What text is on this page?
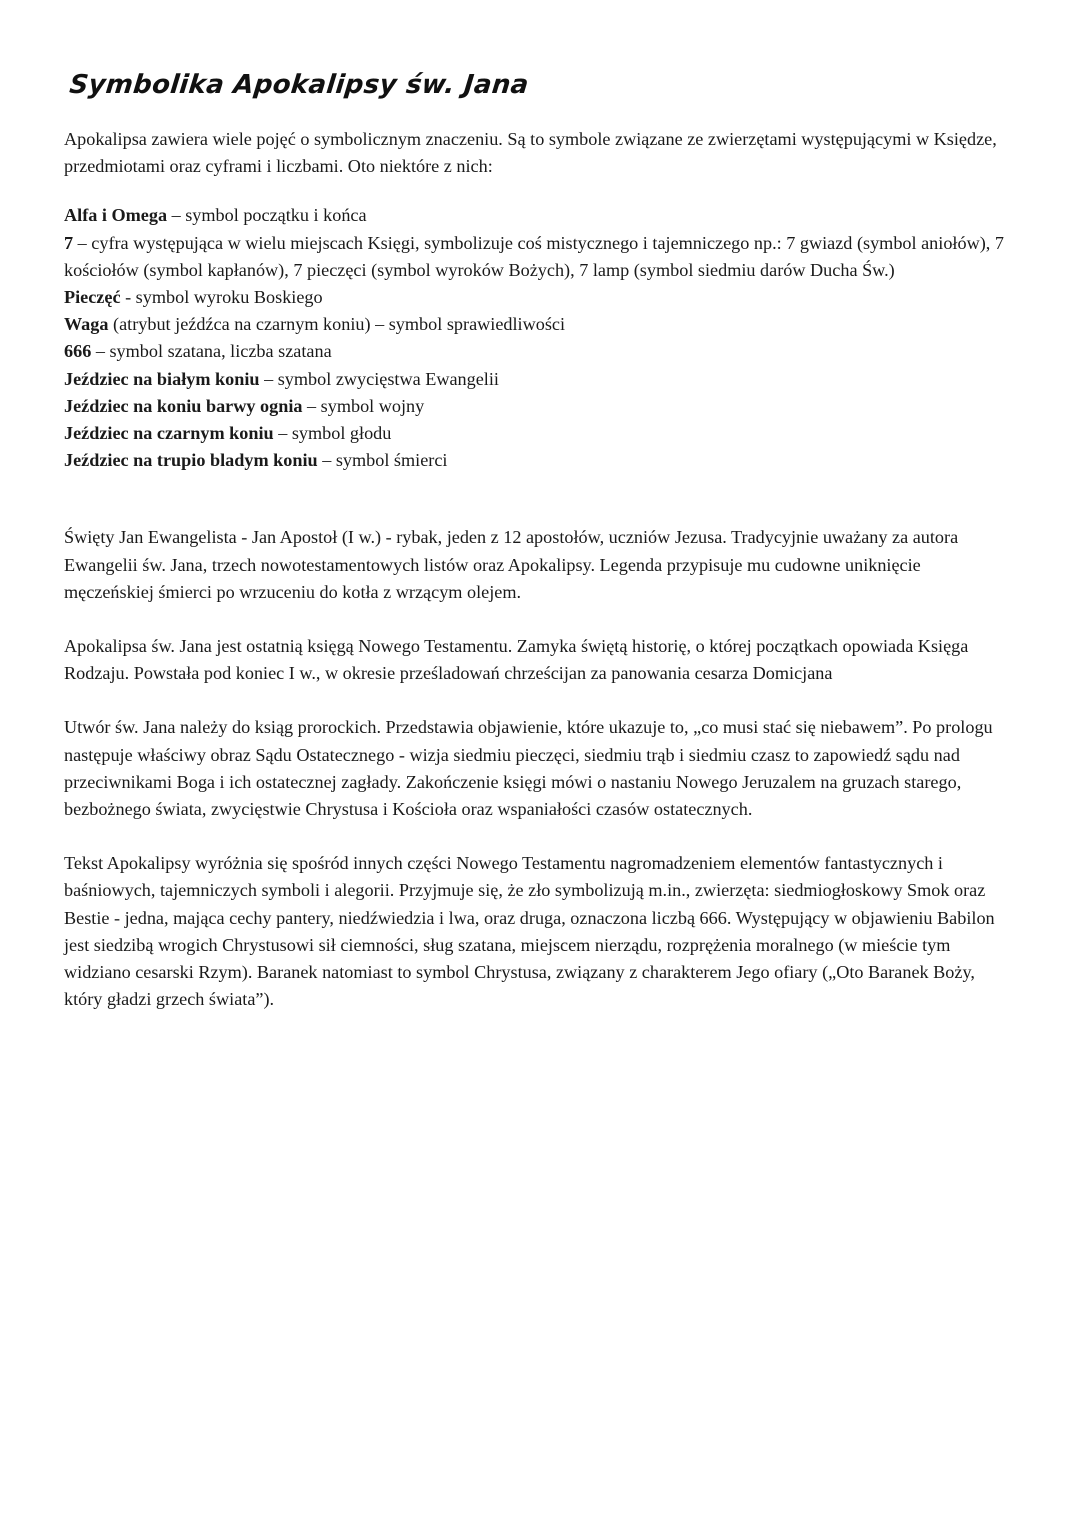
Symbolika Apokalipsy św. Jana

Apokalipsa zawiera wiele pojęć o symbolicznym znaczeniu. Są to symbole związane ze zwierzętami występującymi w Księdze, przedmiotami oraz cyframi i liczbami. Oto niektóre z nich:

Alfa i Omega – symbol początku i końca

7 – cyfra występująca w wielu miejscach Księgi, symbolizuje coś mistycznego i tajemniczego np.: 7 gwiazd (symbol aniołów), 7 kościołów (symbol kapłanów), 7 pieczęci (symbol wyroków Bożych), 7 lamp (symbol siedmiu darów Ducha Św.)

Pieczęć - symbol wyroku Boskiego

Waga (atrybut jeźdźca na czarnym koniu) – symbol sprawiedliwości

666 – symbol szatana, liczba szatana

Jeździec na białym koniu – symbol zwycięstwa Ewangelii

Jeździec na koniu barwy ognia – symbol wojny

Jeździec na czarnym koniu – symbol głodu

Jeździec na trupio bladym koniu – symbol śmierci

Święty Jan Ewangelista - Jan Apostoł (I w.) - rybak, jeden z 12 apostołów, uczniów Jezusa. Tradycyjnie uważany za autora Ewangelii św. Jana, trzech nowotestamentowych listów oraz Apokalipsy. Legenda przypisuje mu cudowne uniknięcie męczeńskiej śmierci po wrzuceniu do kotła z wrzącym olejem.

Apokalipsa św. Jana jest ostatnią księgą Nowego Testamentu. Zamyka świętą historię, o której początkach opowiada Księga Rodzaju. Powstała pod koniec I w., w okresie prześladowań chrześcijan za panowania cesarza Domicjana

Utwór św. Jana należy do ksiąg prorockich. Przedstawia objawienie, które ukazuje to, „co musi stać się niebawem”. Po prologu następuje właściwy obraz Sądu Ostatecznego - wizja siedmiu pieczęci, siedmiu trąb i siedmiu czasz to zapowiedź sądu nad przeciwnikami Boga i ich ostatecznej zagłady. Zakończenie księgi mówi o nastaniu Nowego Jeruzalem na gruzach starego, bezbożnego świata, zwycięstwie Chrystusa i Kościoła oraz wspaniałości czasów ostatecznych.

Tekst Apokalipsy wyróżnia się spośród innych części Nowego Testamentu nagromadzeniem elementów fantastycznych i baśniowych, tajemniczych symboli i alegorii. Przyjmuje się, że zło symbolizują m.in., zwierzęta: siedmiogłoskowy Smok oraz Bestie - jedna, mająca cechy pantery, niedźwiedzia i lwa, oraz druga, oznaczona liczbą 666. Występujący w objawieniu Babilon jest siedzibą wrogich Chrystusowi sił ciemności, sług szatana, miejscem nierządu, rozprężenia moralnego (w mieście tym widziano cesarski Rzym). Baranek natomiast to symbol Chrystusa, związany z charakterem Jego ofiary („Oto Baranek Boży, który gładzi grzech świata”).
